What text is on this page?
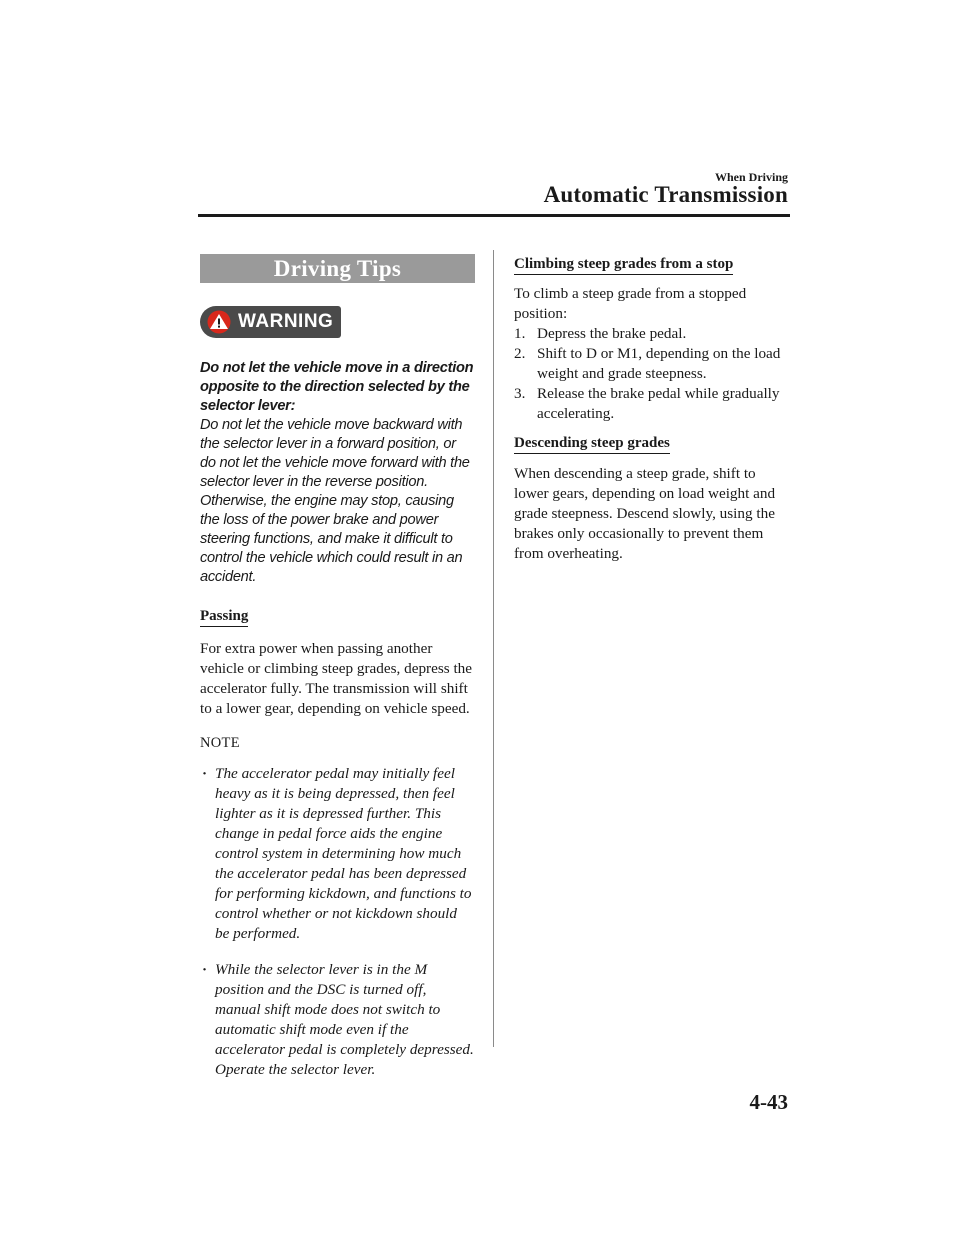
When Driving
Automatic Transmission
Driving Tips
WARNING
Do not let the vehicle move in a direction opposite to the direction selected by the selector lever:
Do not let the vehicle move backward with the selector lever in a forward position, or do not let the vehicle move forward with the selector lever in the reverse position. Otherwise, the engine may stop, causing the loss of the power brake and power steering functions, and make it difficult to control the vehicle which could result in an accident.
Passing
For extra power when passing another vehicle or climbing steep grades, depress the accelerator fully. The transmission will shift to a lower gear, depending on vehicle speed.
NOTE
· The accelerator pedal may initially feel heavy as it is being depressed, then feel lighter as it is depressed further. This change in pedal force aids the engine control system in determining how much the accelerator pedal has been depressed for performing kickdown, and functions to control whether or not kickdown should be performed.
· While the selector lever is in the M position and the DSC is turned off, manual shift mode does not switch to automatic shift mode even if the accelerator pedal is completely depressed. Operate the selector lever.
Climbing steep grades from a stop
To climb a steep grade from a stopped position:
1. Depress the brake pedal.
2. Shift to D or M1, depending on the load weight and grade steepness.
3. Release the brake pedal while gradually accelerating.
Descending steep grades
When descending a steep grade, shift to lower gears, depending on load weight and grade steepness. Descend slowly, using the brakes only occasionally to prevent them from overheating.
4-43
